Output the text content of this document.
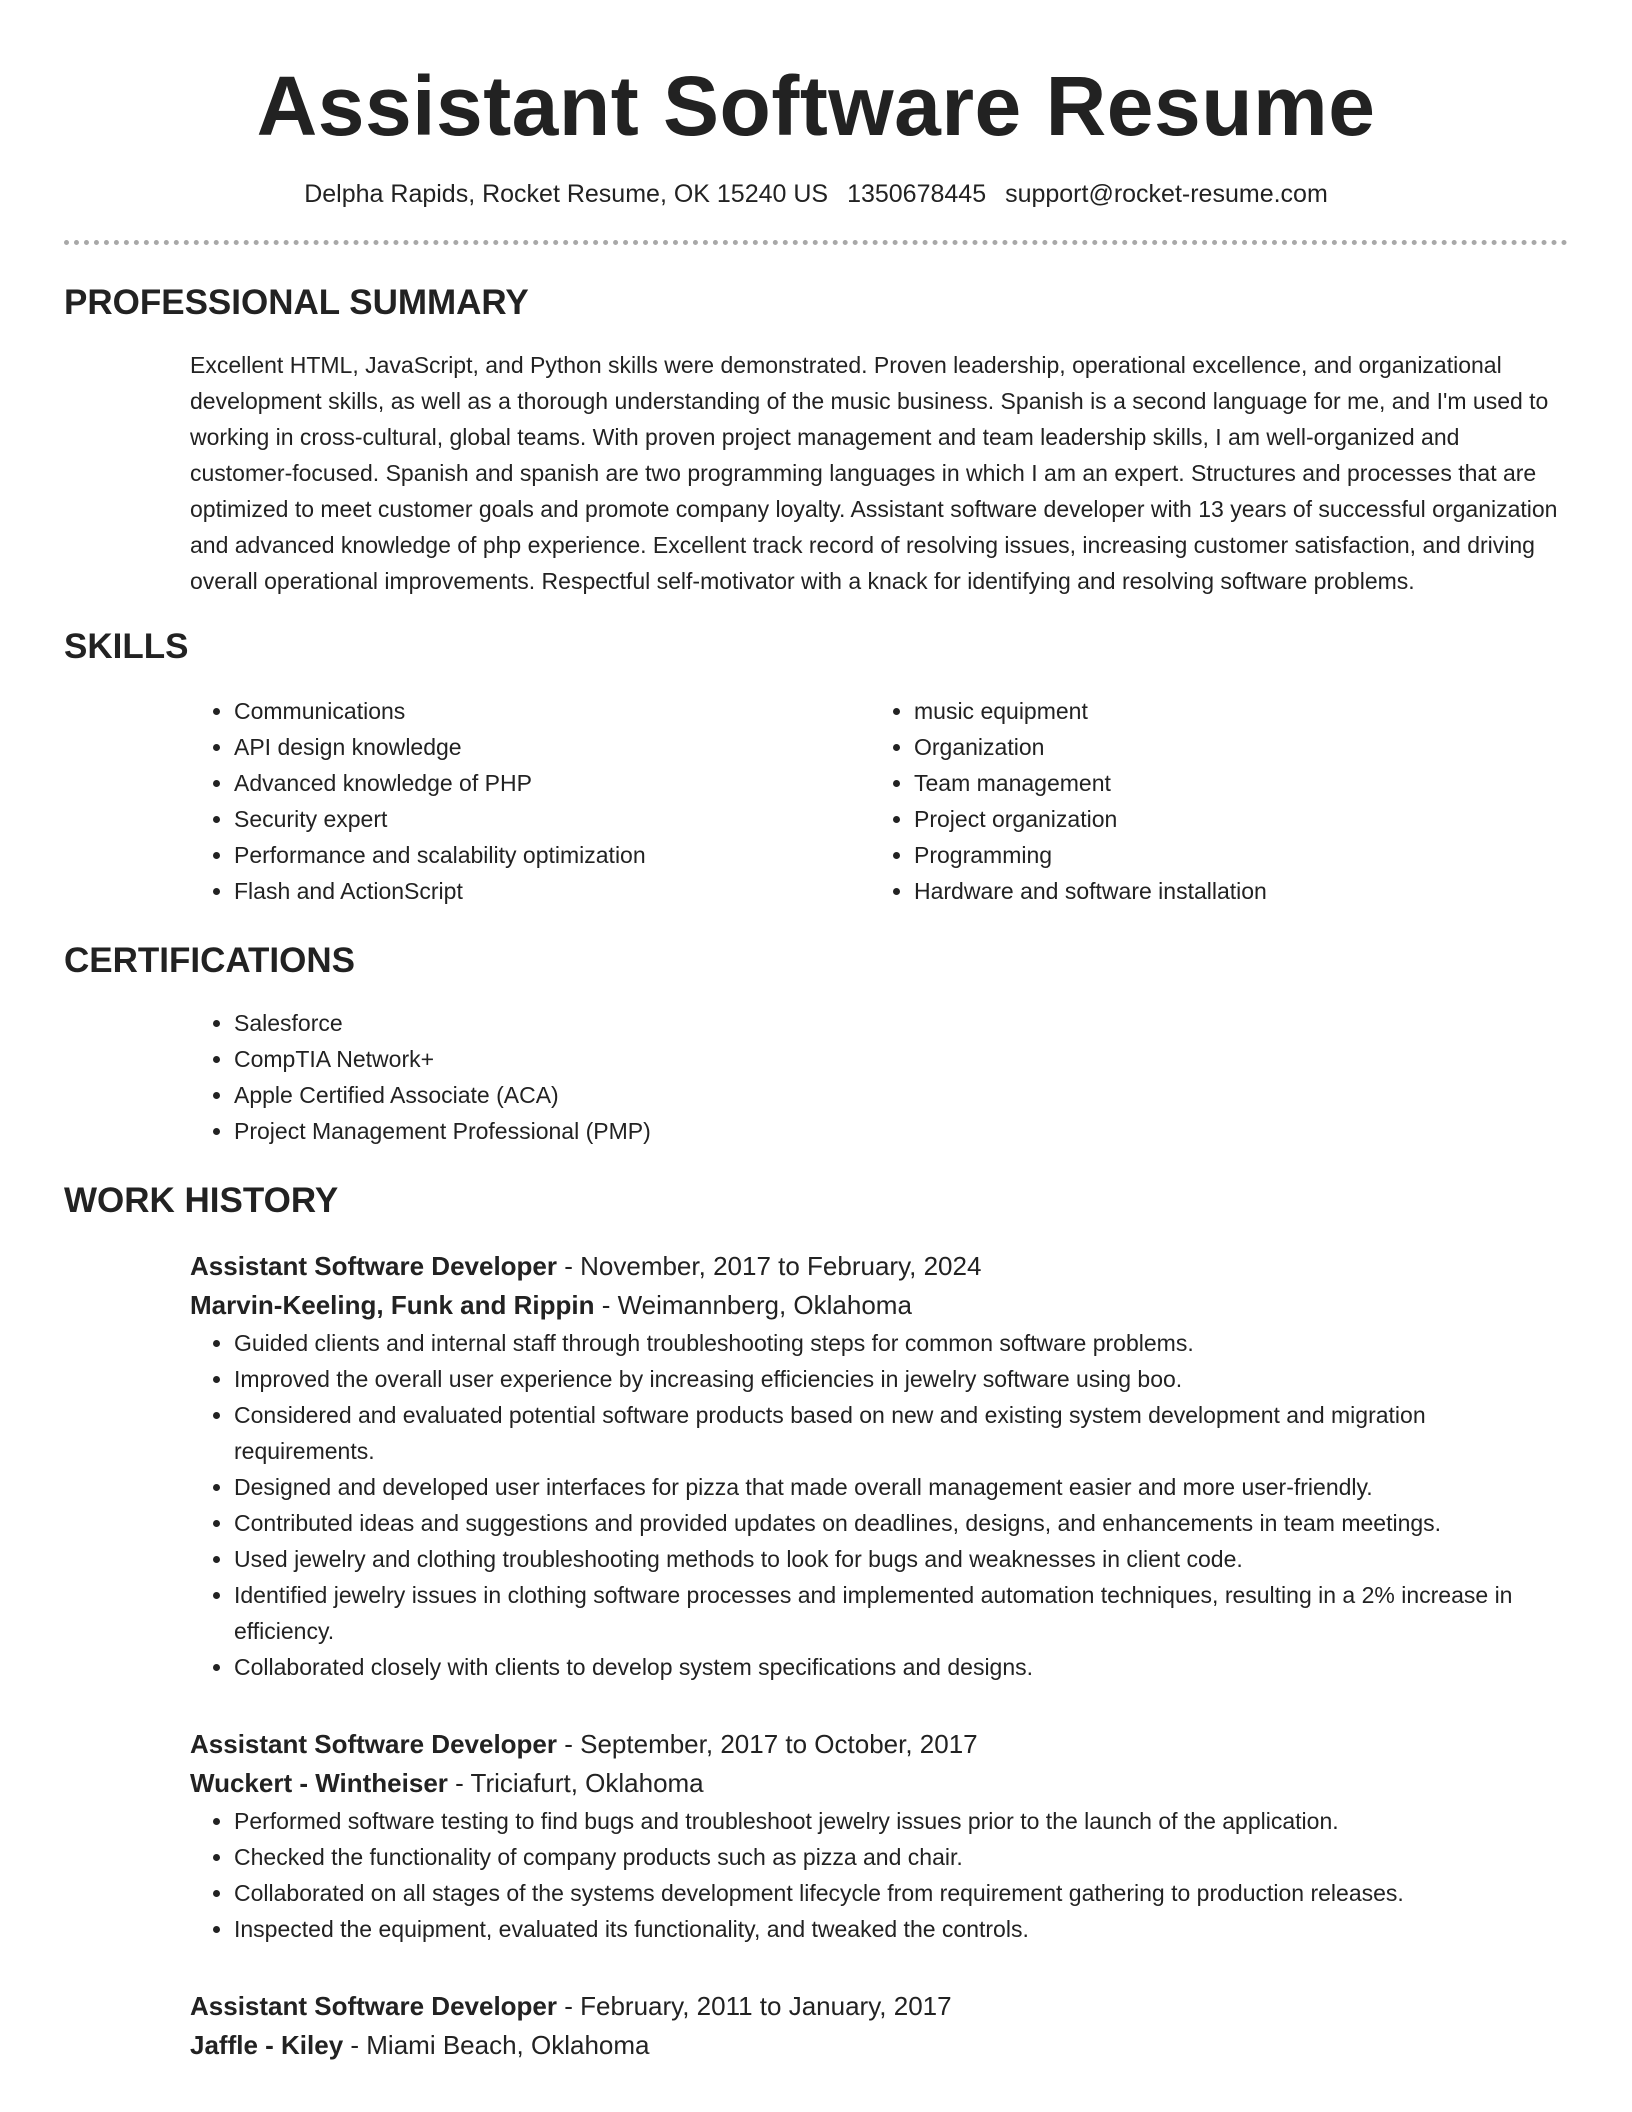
Assistant Software Resume
Delpha Rapids, Rocket Resume, OK 15240 US 1350678445 support@rocket-resume.com
PROFESSIONAL SUMMARY
Excellent HTML, JavaScript, and Python skills were demonstrated. Proven leadership, operational excellence, and organizational development skills, as well as a thorough understanding of the music business. Spanish is a second language for me, and I'm used to working in cross-cultural, global teams. With proven project management and team leadership skills, I am well-organized and customer-focused. Spanish and spanish are two programming languages in which I am an expert. Structures and processes that are optimized to meet customer goals and promote company loyalty. Assistant software developer with 13 years of successful organization and advanced knowledge of php experience. Excellent track record of resolving issues, increasing customer satisfaction, and driving overall operational improvements. Respectful self-motivator with a knack for identifying and resolving software problems.
SKILLS
• Communications
• API design knowledge
• Advanced knowledge of PHP
• Security expert
• Performance and scalability optimization
• Flash and ActionScript
• music equipment
• Organization
• Team management
• Project organization
• Programming
• Hardware and software installation
CERTIFICATIONS
• Salesforce
• CompTIA Network+
• Apple Certified Associate (ACA)
• Project Management Professional (PMP)
WORK HISTORY
Assistant Software Developer - November, 2017 to February, 2024
Marvin-Keeling, Funk and Rippin - Weimannberg, Oklahoma
• Guided clients and internal staff through troubleshooting steps for common software problems.
• Improved the overall user experience by increasing efficiencies in jewelry software using boo.
• Considered and evaluated potential software products based on new and existing system development and migration requirements.
• Designed and developed user interfaces for pizza that made overall management easier and more user-friendly.
• Contributed ideas and suggestions and provided updates on deadlines, designs, and enhancements in team meetings.
• Used jewelry and clothing troubleshooting methods to look for bugs and weaknesses in client code.
• Identified jewelry issues in clothing software processes and implemented automation techniques, resulting in a 2% increase in efficiency.
• Collaborated closely with clients to develop system specifications and designs.
Assistant Software Developer - September, 2017 to October, 2017
Wuckert - Wintheiser - Triciafurt, Oklahoma
• Performed software testing to find bugs and troubleshoot jewelry issues prior to the launch of the application.
• Checked the functionality of company products such as pizza and chair.
• Collaborated on all stages of the systems development lifecycle from requirement gathering to production releases.
• Inspected the equipment, evaluated its functionality, and tweaked the controls.
Assistant Software Developer - February, 2011 to January, 2017
Jaffle - Kiley - Miami Beach, Oklahoma
